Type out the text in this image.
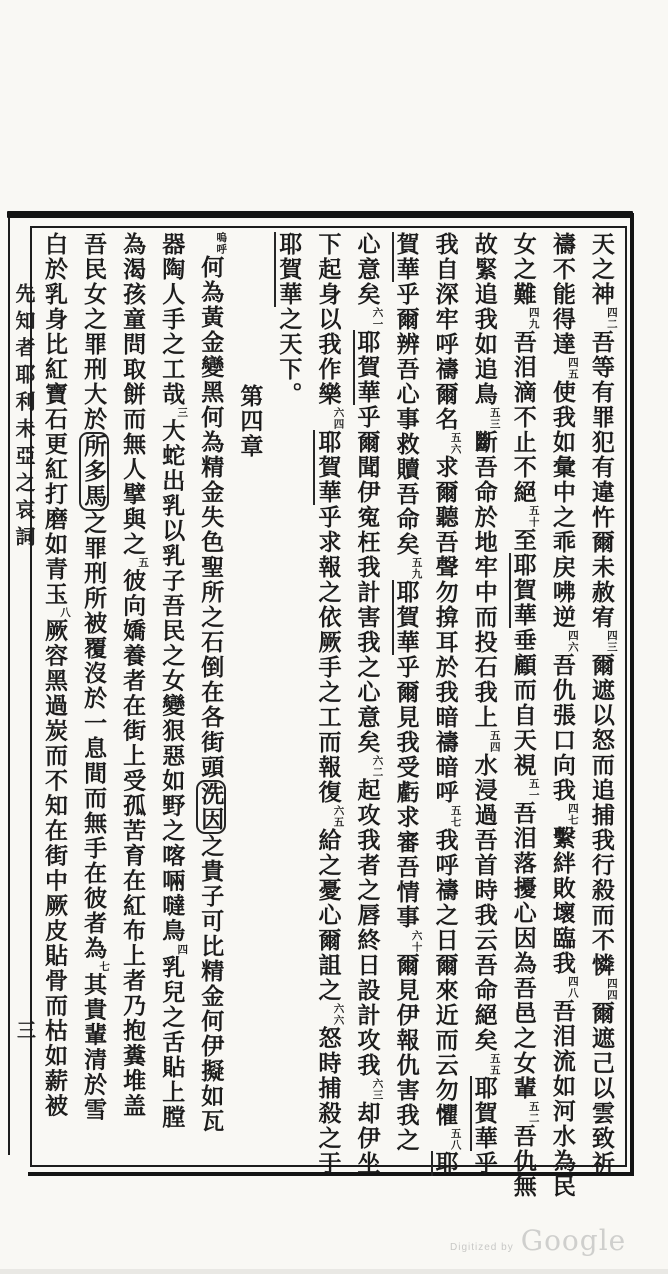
先知者耶利未亞之哀詞
三
天之神四二吾等有罪犯有違忤爾未赦宥四三爾遮以怒而追捕我行殺而不憐四四爾遮己以雲致祈
禱不能得達四五使我如彙中之乖戻咈逆四六吾仇張口向我四七繫絆敗壞臨我四八吾泪流如河水為民
女之難四九吾泪滴不止不絕五十至耶賀華垂顧而自天視五一吾泪落擾心因為吾邑之女輩五二吾仇無
故緊追我如追鳥五三斷吾命於地牢中而投石我上五四水浸過吾首時我云吾命絕矣五五耶賀華乎
我自深牢呼禱爾名五六求爾聽吾聲勿揜耳於我暗禱暗呼五七我呼禱之日爾來近而云勿懼五八耶
賀華乎爾辨吾心事救贖吾命矣五九耶賀華乎爾見我受虧求審吾情事六十爾見伊報仇害我之
心意矣六一耶賀華乎爾聞伊寃枉我計害我之心意矣六二起攻我者之唇終日設計攻我六三却伊坐
下起身以我作樂六四耶賀華乎求報之依厥手之工而報復六五給之憂心爾詛之六六怒時捕殺之于
耶賀華之天下。
第四章
嗚呼何為黃金變黑何為精金失色聖所之石倒在各街頭洗因之貴子可比精金何伊擬如瓦
器陶人手之工哉三大蛇出乳以乳子吾民之女變狠惡如野之喀啢噠鳥四乳兒之舌貼上膛
為渴孩童問取餅而無人擘與之五彼向嬌養者在街上受孤苦育在紅布上者乃抱糞堆盖
吾民女之罪刑大於所多馬之罪刑所被覆沒於一息間而無手在彼者為七其貴輩清於雪
白於乳身比紅寶石更紅打磨如青玉八厥容黑過炭而不知在街中厥皮貼骨而枯如薪被
Digitized by Google
